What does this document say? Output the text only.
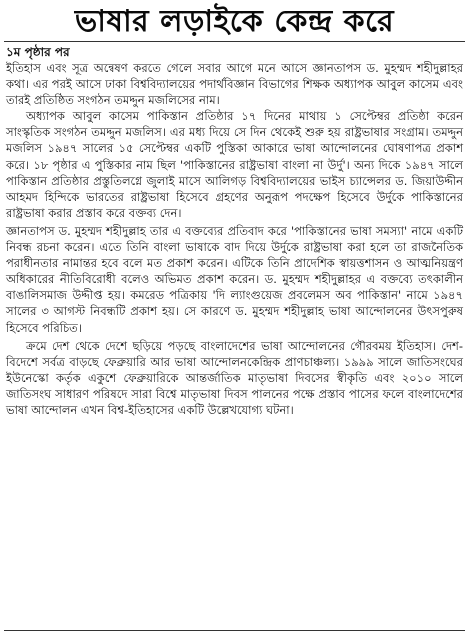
ভাষার লড়াইকে কেন্দ্র করে
১ম পৃষ্ঠার পর

ইতিহাস এবং সূত্র অন্বেষণ করতে গেলে সবার আগে মনে আসে জ্ঞানতাপস ড. মুহম্মদ শহীদুল্লাহর কথা। এর পরই আসে ঢাকা বিশ্ববিদ্যালয়ের পদার্থবিজ্ঞান বিভাগের শিক্ষক অধ্যাপক আবুল কাসেম এবং তারই প্রতিষ্ঠিত সংগঠন তমদ্দুন মজলিসের নাম।

অধ্যাপক আবুল কাসেম পাকিস্তান প্রতিষ্ঠার ১৭ দিনের মাথায় ১ সেপ্টেম্বর প্রতিষ্ঠা করেন সাংস্কৃতিক সংগঠন তমদ্দুন মজলিস। এর মধ্য দিয়ে সে দিন থেকেই শুরু হয় রাষ্ট্রভাষার সংগ্রাম। তমদ্দুন মজলিস ১৯৪৭ সালের ১৫ সেপ্টেম্বর একটি পুস্তিকা আকারে ভাষা আন্দোলনের ঘোষণাপত্র প্রকাশ করে। ১৮ পৃষ্ঠার এ পুস্তিকার নাম ছিল 'পাকিস্তানের রাষ্ট্রভাষা বাংলা না উর্দু'। অন্য দিকে ১৯৪৭ সালে পাকিস্তান প্রতিষ্ঠার প্রস্তুতিলগ্নে জুলাই মাসে আলিগড় বিশ্ববিদ্যালয়ের ভাইস চ্যান্সেলর ড. জিয়াউদ্দীন আহমদ হিন্দিকে ভারতের রাষ্ট্রভাষা হিসেবে গ্রহণের অনুরূপ পদক্ষেপ হিসেবে উর্দুকে পাকিস্তানের রাষ্ট্রভাষা করার প্রস্তাব করে বক্তব্য দেন।

জ্ঞানতাপস ড. মুহম্মদ শহীদুল্লাহ তার এ বক্তব্যের প্রতিবাদ করে 'পাকিস্তানের ভাষা সমস্যা' নামে একটি নিবন্ধ রচনা করেন। এতে তিনি বাংলা ভাষাকে বাদ দিয়ে উর্দুকে রাষ্ট্রভাষা করা হলে তা রাজনৈতিক পরাধীনতার নামান্তর হবে বলে মত প্রকাশ করেন। এটিকে তিনি প্রাদেশিক স্বায়ত্তশাসন ও আত্মনিয়ন্ত্রণ অধিকারের নীতিবিরোধী বলেও অভিমত প্রকাশ করেন। ড. মুহম্মদ শহীদুল্লাহর এ বক্তব্যে তৎকালীন বাঙালিসমাজ উদ্দীপ্ত হয়। কমরেড পত্রিকায় 'দি ল্যাংগুয়েজ প্রবলেমস অব পাকিস্তান' নামে ১৯৪৭ সালের ৩ আগস্ট নিবন্ধটি প্রকাশ হয়। সে কারণে ড. মুহম্মদ শহীদুল্লাহ ভাষা আন্দোলনের উৎসপুরুষ হিসেবে পরিচিত।

ক্রমে দেশ থেকে দেশে ছড়িয়ে পড়ছে বাংলাদেশের ভাষা আন্দোলনের গৌরবময় ইতিহাস। দেশ-বিদেশে সর্বত্র বাড়ছে ফেব্রুয়ারি আর ভাষা আন্দোলনকেন্দ্রিক প্রাণচাঞ্চল্য। ১৯৯৯ সালে জাতিসংঘের ইউনেস্কো কর্তৃক একুশে ফেব্রুয়ারিকে আন্তর্জাতিক মাতৃভাষা দিবসের স্বীকৃতি এবং ২০১০ সালে জাতিসংঘ সাধারণ পরিষদে সারা বিশ্বে মাতৃভাষা দিবস পালনের পক্ষে প্রস্তাব পাসের ফলে বাংলাদেশের ভাষা আন্দোলন এখন বিশ্ব-ইতিহাসের একটি উল্লেখযোগ্য ঘটনা।
